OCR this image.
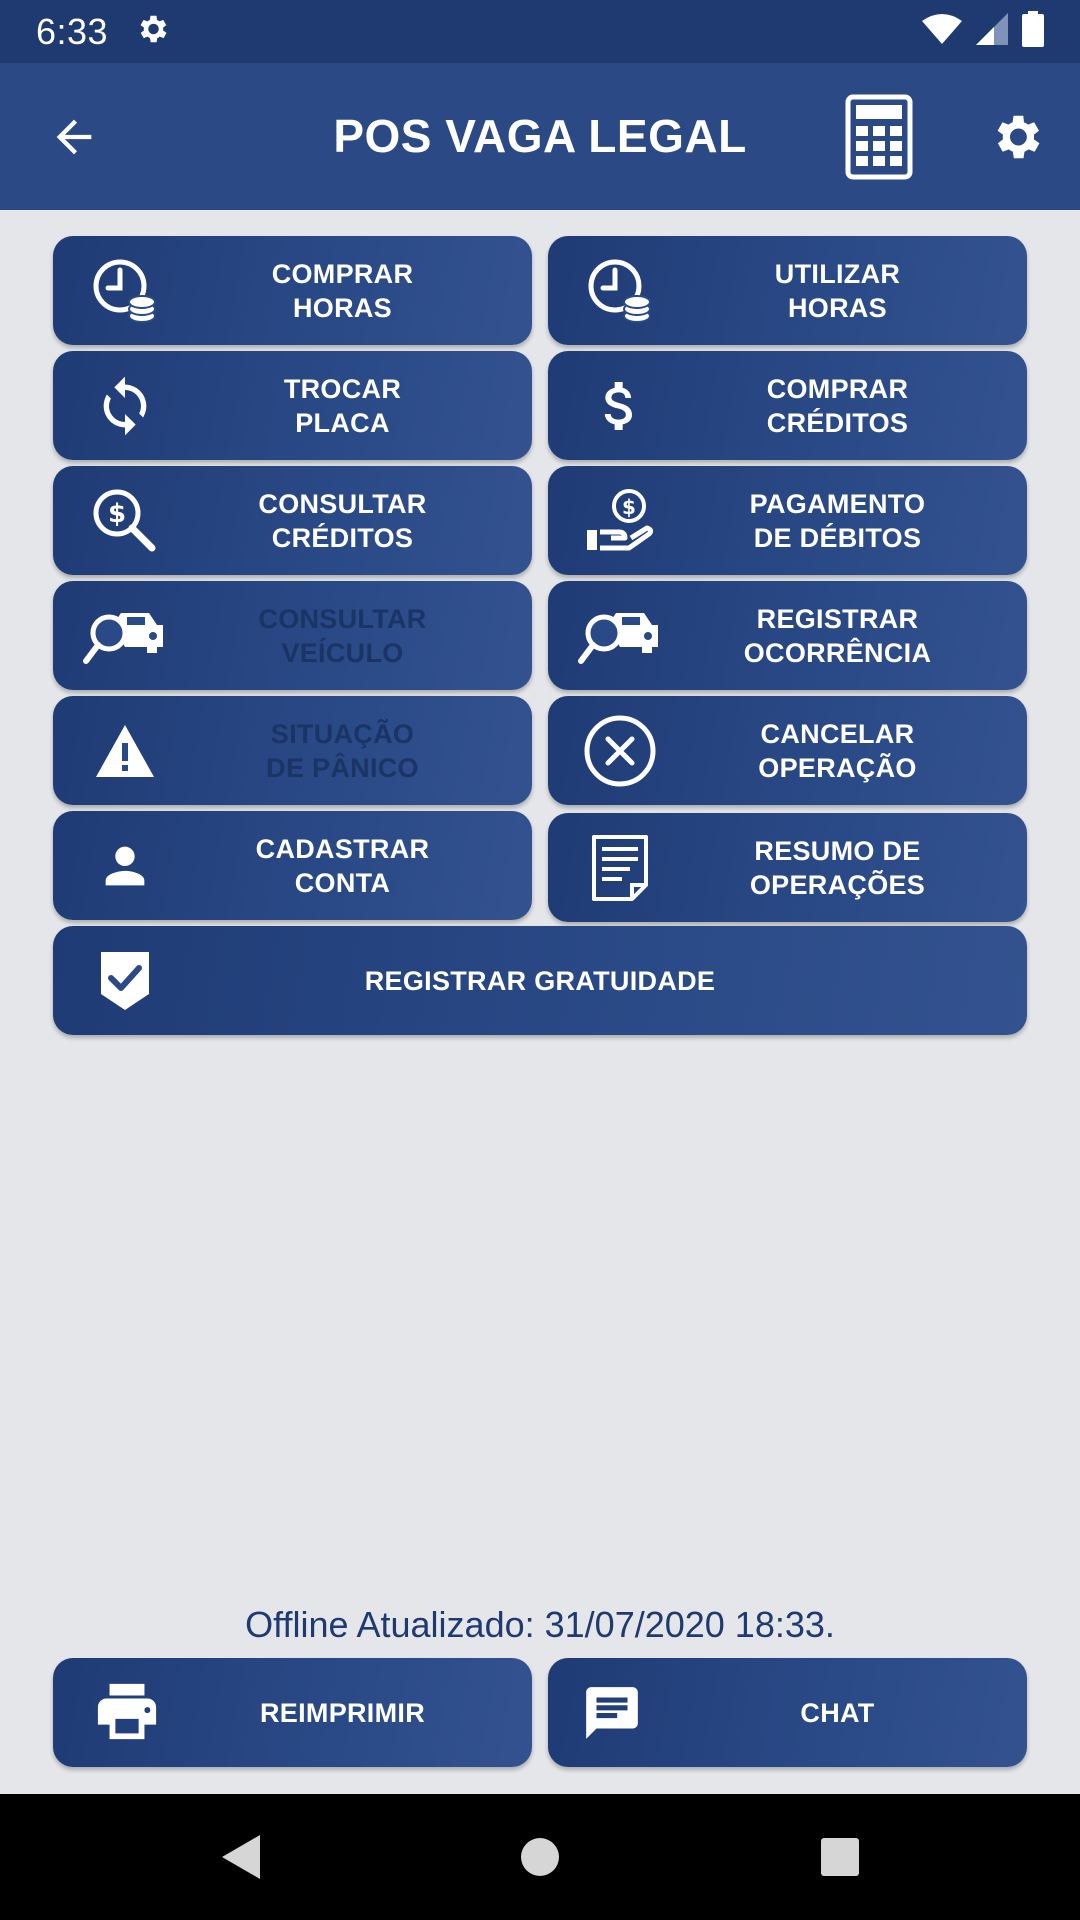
6:33
POS VAGA LEGAL
COMPRAR
HORAS
UTILIZAR
HORAS
TROCAR
PLACA
COMPRAR
CRÉDITOS
$	CONSULTAR
CRÉDITOS
$	PAGAMENTO
DE DÉBITOS
CONSULTAR
VEÍCULO
REGISTRAR
OCORRÊNCIA
SITUAÇÃO
DE PÂNICO
CANCELAR
OPERAÇÃO
CADASTRAR
CONTA
RESUMO DE
OPERAÇÕES
REGISTRAR GRATUIDADE
Offline Atualizado: 31/07/2020 18:33.
REIMPRIMIR	CHAT
